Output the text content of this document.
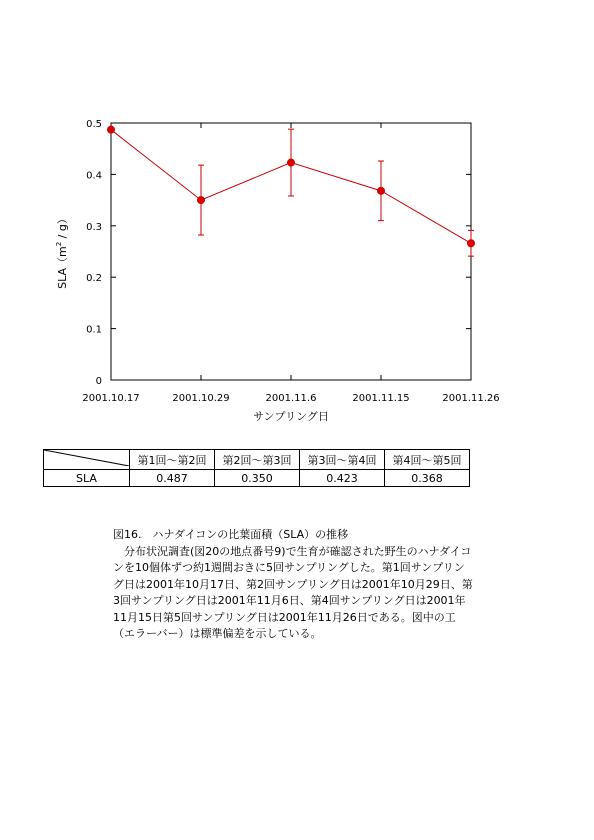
0
0.1
0.2
0.3
0.4
0.5
2001.10.17	2001.10.29	2001.11.6	2001.11.15	2001.11.26
サンプリング日
$SLA(m^2 / g)$
	第1回〜第2回	第2回〜第3回	第3回〜第4回	第4回〜第5回
SLA	0.487	0.350	0.423	0.368
図16.　ハナダイコンの比葉面積（SLA）の推移
分布状況調査(図20の地点番号9)で生育が確認された野生のハナダイコンを10個体ずつ約1週間おきに5回サンプリングした。第1回サンプリング日は2001年10月17日、第2回サンプリング日は2001年10月29日、第3回サンプリング日は2001年11月6日、第4回サンプリング日は2001年11月15日第5回サンプリング日は2001年11月26日である。図中の工（エラーバー）は標準偏差を示している。
